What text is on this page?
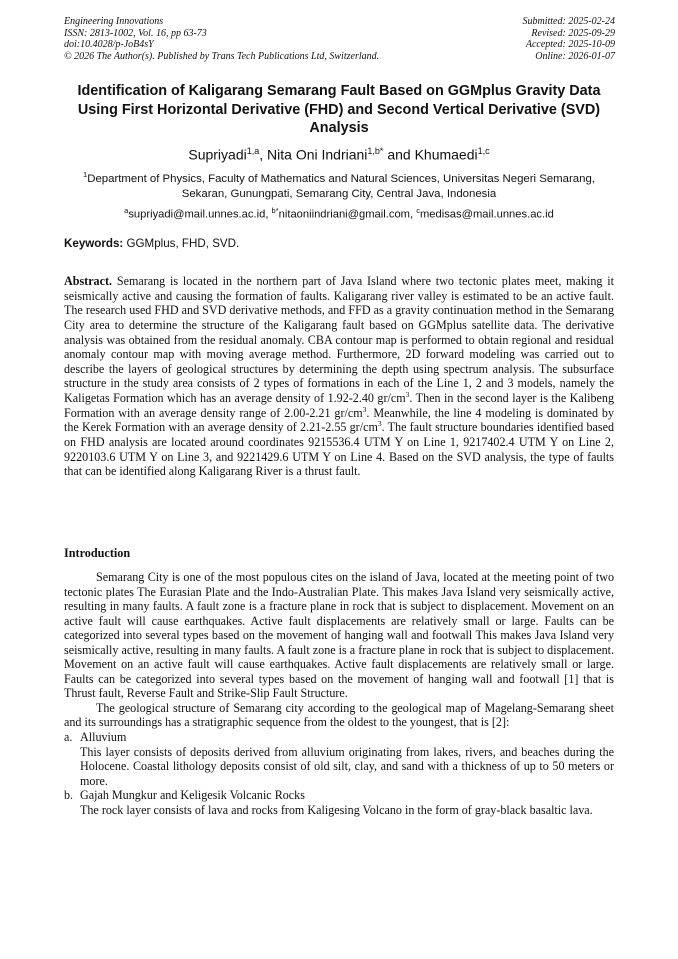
Engineering Innovations
ISSN: 2813-1002, Vol. 16, pp 63-73
doi:10.4028/p-JoB4sY
© 2026 The Author(s). Published by Trans Tech Publications Ltd, Switzerland.
Submitted: 2025-02-24
Revised: 2025-09-29
Accepted: 2025-10-09
Online: 2026-01-07
Identification of Kaligarang Semarang Fault Based on GGMplus Gravity Data Using First Horizontal Derivative (FHD) and Second Vertical Derivative (SVD) Analysis
Supriyadi$^{1,a}$, Nita Oni Indriani$^{1,b*}$ and Khumaedi$^{1,c}$
$^1$Department of Physics, Faculty of Mathematics and Natural Sciences, Universitas Negeri Semarang, Sekaran, Gunungpati, Semarang City, Central Java, Indonesia
$^a$supriyadi@mail.unnes.ac.id, $^{b*}$nitaoniindriani@gmail.com, $^c$medisas@mail.unnes.ac.id
Keywords: GGMplus, FHD, SVD.
Abstract. Semarang is located in the northern part of Java Island where two tectonic plates meet, making it seismically active and causing the formation of faults. Kaligarang river valley is estimated to be an active fault. The research used FHD and SVD derivative methods, and FFD as a gravity continuation method in the Semarang City area to determine the structure of the Kaligarang fault based on GGMplus satellite data. The derivative analysis was obtained from the residual anomaly. CBA contour map is performed to obtain regional and residual anomaly contour map with moving average method. Furthermore, 2D forward modeling was carried out to describe the layers of geological structures by determining the depth using spectrum analysis. The subsurface structure in the study area consists of 2 types of formations in each of the Line 1, 2 and 3 models, namely the Kaligetas Formation which has an average density of 1.92-2.40 $gr/cm^3$. Then in the second layer is the Kalibeng Formation with an average density range of 2.00-2.21 $gr/cm^3$. Meanwhile, the line 4 modeling is dominated by the Kerek Formation with an average density of 2.21-2.55 $gr/cm^3$. The fault structure boundaries identified based on FHD analysis are located around coordinates 9215536.4 UTM Y on Line 1, 9217402.4 UTM Y on Line 2, 9220103.6 UTM Y on Line 3, and 9221429.6 UTM Y on Line 4. Based on the SVD analysis, the type of faults that can be identified along Kaligarang River is a thrust fault.
Introduction

Semarang City is one of the most populous cites on the island of Java, located at the meeting point of two tectonic plates The Eurasian Plate and the Indo-Australian Plate. This makes Java Island very seismically active, resulting in many faults. A fault zone is a fracture plane in rock that is subject to displacement. Movement on an active fault will cause earthquakes. Active fault displacements are relatively small or large. Faults can be categorized into several types based on the movement of hanging wall and footwall This makes Java Island very seismically active, resulting in many faults. A fault zone is a fracture plane in rock that is subject to displacement. Movement on an active fault will cause earthquakes. Active fault displacements are relatively small or large. Faults can be categorized into several types based on the movement of hanging wall and footwall [1] that is Thrust fault, Reverse Fault and Strike-Slip Fault Structure.

The geological structure of Semarang city according to the geological map of Magelang-Semarang sheet and its surroundings has a stratigraphic sequence from the oldest to the youngest, that is [2]:

a. Alluvium
This layer consists of deposits derived from alluvium originating from lakes, rivers, and beaches during the Holocene. Coastal lithology deposits consist of old silt, clay, and sand with a thickness of up to 50 meters or more.
b. Gajah Mungkur and Keligesik Volcanic Rocks
The rock layer consists of lava and rocks from Kaligesing Volcano in the form of gray-black basaltic lava.
